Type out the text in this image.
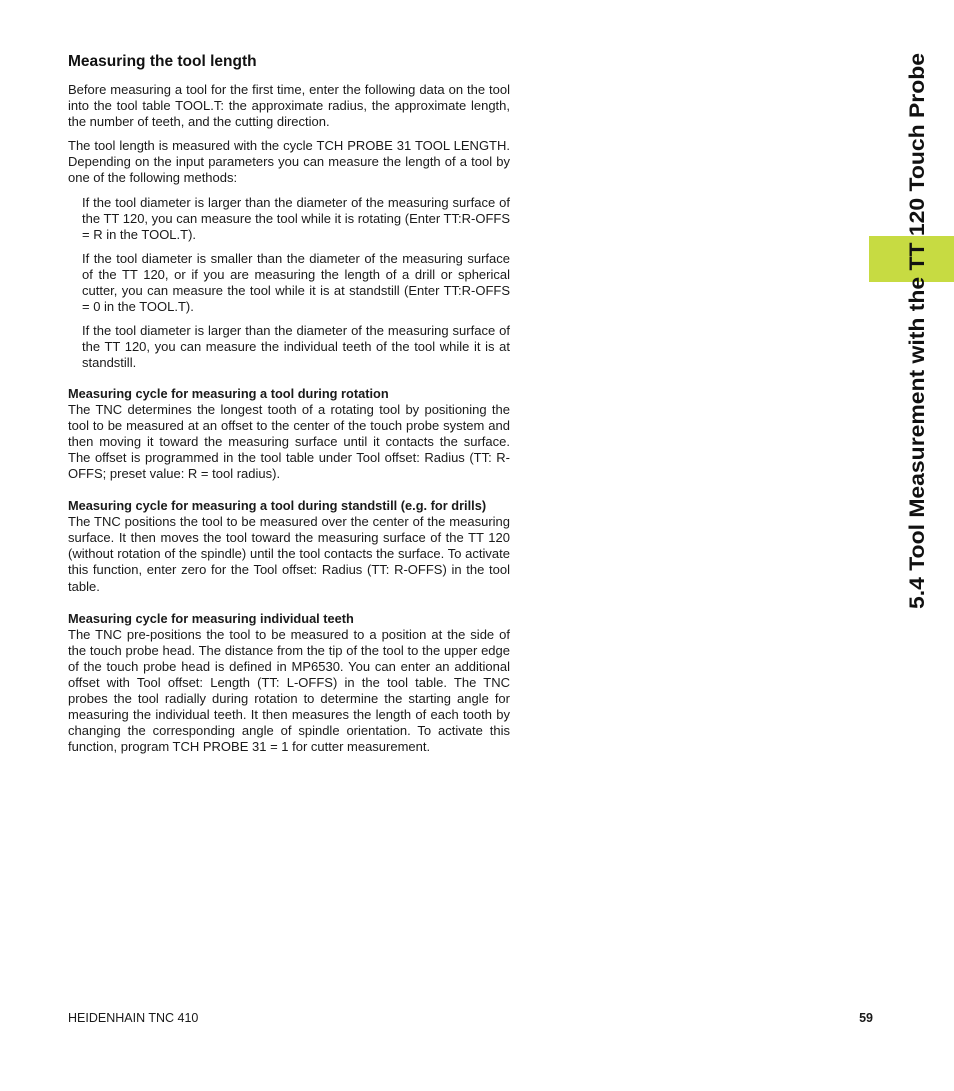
5.4 Tool Measurement with the TT 120 Touch Probe
Measuring the tool length

Before measuring a tool for the first time, enter the following data on the tool into the tool table TOOL.T: the approximate radius, the approximate length, the number of teeth, and the cutting direction.

The tool length is measured with the cycle TCH PROBE 31 TOOL LENGTH. Depending on the input parameters you can measure the length of a tool by one of the following methods:

If the tool diameter is larger than the diameter of the measuring surface of the TT 120, you can measure the tool while it is rotating (Enter TT:R-OFFS = R in the TOOL.T).
If the tool diameter is smaller than the diameter of the measuring surface of the TT 120, or if you are measuring the length of a drill or spherical cutter, you can measure the tool while it is at standstill (Enter TT:R-OFFS = 0 in the TOOL.T).
If the tool diameter is larger than the diameter of the measuring surface of the TT 120, you can measure the individual teeth of the tool while it is at standstill.
Measuring cycle for measuring a tool during rotation

The TNC determines the longest tooth of a rotating tool by positioning the tool to be measured at an offset to the center of the touch probe system and then moving it toward the measuring surface until it contacts the surface. The offset is programmed in the tool table under Tool offset: Radius (TT: R-OFFS; preset value: R = tool radius).

Measuring cycle for measuring a tool during standstill (e.g. for drills)

The TNC positions the tool to be measured over the center of the measuring surface. It then moves the tool toward the measuring surface of the TT 120 (without rotation of the spindle) until the tool contacts the surface. To activate this function, enter zero for the Tool offset: Radius (TT: R-OFFS) in the tool table.

Measuring cycle for measuring individual teeth

The TNC pre-positions the tool to be measured to a position at the side of the touch probe head. The distance from the tip of the tool to the upper edge of the touch probe head is defined in MP6530. You can enter an additional offset with Tool offset: Length (TT: L-OFFS) in the tool table. The TNC probes the tool radially during rotation to determine the starting angle for measuring the individual teeth. It then measures the length of each tooth by changing the corresponding angle of spindle orientation. To activate this function, program TCH PROBE 31 = 1 for cutter measurement.

HEIDENHAIN TNC 410	59
